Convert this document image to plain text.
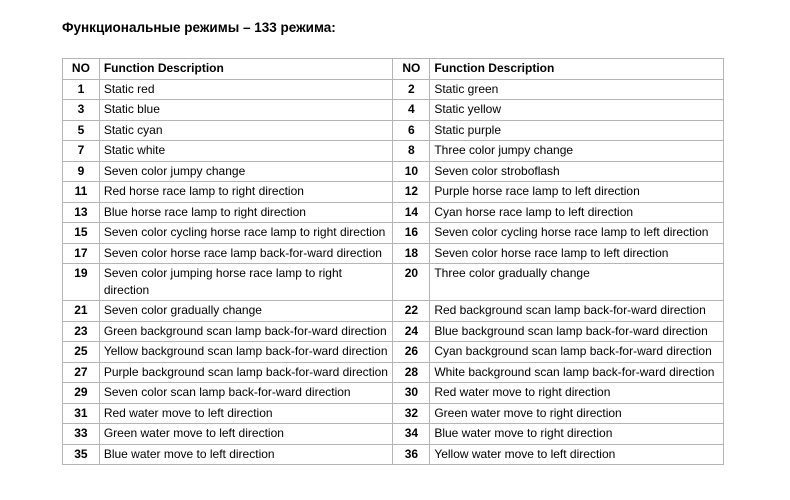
Функциональные режимы – 133 режима:
NO	Function Description	NO	Function Description
1	Static red	2	Static green
3	Static blue	4	Static yellow
5	Static cyan	6	Static purple
7	Static white	8	Three color jumpy change
9	Seven color jumpy change	10	Seven color stroboflash
11	Red horse race lamp to right direction	12	Purple horse race lamp to left direction
13	Blue horse race lamp to right direction	14	Cyan horse race lamp to left direction
15	Seven color cycling horse race lamp to right direction	16	Seven color cycling horse race lamp to left direction
17	Seven color horse race lamp back-for-ward direction	18	Seven color horse race lamp to left direction
19	Seven color jumping horse race lamp to right direction	20	Three color gradually change
21	Seven color gradually change	22	Red background scan lamp back-for-ward direction
23	Green background scan lamp back-for-ward direction	24	Blue background scan lamp back-for-ward direction
25	Yellow background scan lamp back-for-ward direction	26	Cyan background scan lamp back-for-ward direction
27	Purple background scan lamp back-for-ward direction	28	White background scan lamp back-for-ward direction
29	Seven color scan lamp back-for-ward direction	30	Red water move to right direction
31	Red water move to left direction	32	Green water move to right direction
33	Green water move to left direction	34	Blue water move to right direction
35	Blue water move to left direction	36	Yellow water move to left direction
